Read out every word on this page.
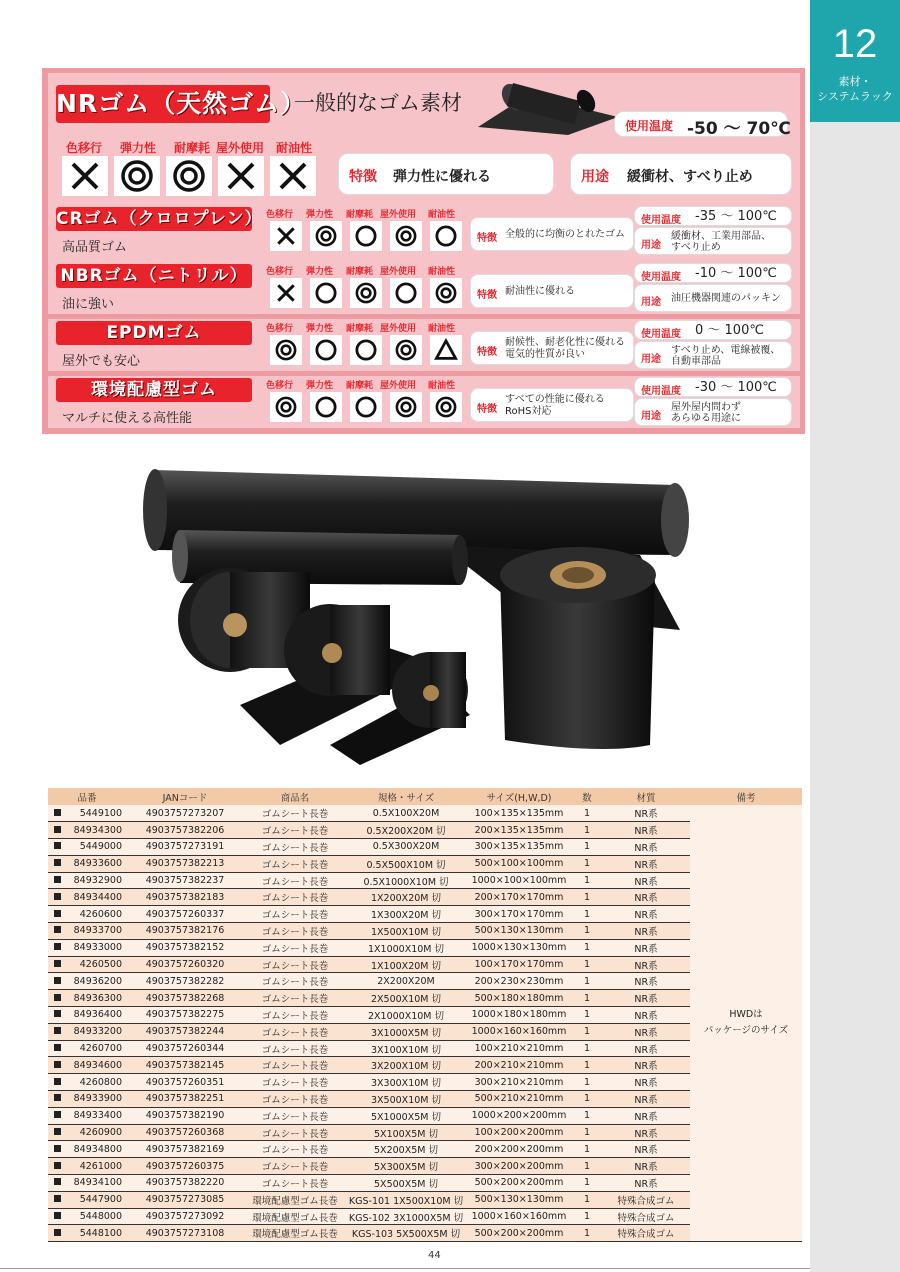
12
素材・
システムラック
NRゴム（天然ゴム）
一般的なゴム素材
使用温度 -50 ～ 70℃
色移行 弾力性 耐摩耗 屋外使用 耐油性
特徴 弾力性に優れる	用途 緩衝材、すべり止め
CRゴム（クロロプレン）
高品質ゴム
色移行 弾力性 耐摩耗 屋外使用 耐油性
特徴 全般的に均衡のとれたゴム
使用温度 -35 ～ 100℃
用途
緩衝材、工業用部品、
すべり止め
NBRゴム（ニトリル）
油に強い
色移行 弾力性 耐摩耗 屋外使用 耐油性
特徴 耐油性に優れる
使用温度 -10 ～ 100℃
用途 油圧機器関連のパッキン
EPDMゴム
屋外でも安心
色移行 弾力性 耐摩耗 屋外使用 耐油性
特徴
耐候性、耐老化性に優れる
電気的性質が良い
使用温度 0 ～ 100℃
用途
すべり止め、電線被覆、
自動車部品
環境配慮型ゴム
マルチに使える高性能
色移行 弾力性 耐摩耗 屋外使用 耐油性
特徴
すべての性能に優れる
RoHS対応
使用温度 -30 ～ 100℃
用途
屋外屋内問わず
あらゆる用途に
品番	JANコード	商品名	規格・サイズ	サイズ(H,W,D)	数	材質	備考

5449100	4903757273207	ゴムシート長巻	0.5X100X20M	100×135×135mm	1	NR系	HWDは
パッケージのサイズ

84934300	4903757382206	ゴムシート長巻	0.5X200X20M 切	200×135×135mm	1	NR系	

5449000	4903757273191	ゴムシート長巻	0.5X300X20M	300×135×135mm	1	NR系	

84933600	4903757382213	ゴムシート長巻	0.5X500X10M 切	500×100×100mm	1	NR系	

84932900	4903757382237	ゴムシート長巻	0.5X1000X10M 切	1000×100×100mm	1	NR系	

84934400	4903757382183	ゴムシート長巻	1X200X20M 切	200×170×170mm	1	NR系	

4260600	4903757260337	ゴムシート長巻	1X300X20M 切	300×170×170mm	1	NR系	

84933700	4903757382176	ゴムシート長巻	1X500X10M 切	500×130×130mm	1	NR系	

84933000	4903757382152	ゴムシート長巻	1X1000X10M 切	1000×130×130mm	1	NR系	

4260500	4903757260320	ゴムシート長巻	1X100X20M 切	100×170×170mm	1	NR系	

84936200	4903757382282	ゴムシート長巻	2X200X20M	200×230×230mm	1	NR系	

84936300	4903757382268	ゴムシート長巻	2X500X10M 切	500×180×180mm	1	NR系	

84936400	4903757382275	ゴムシート長巻	2X1000X10M 切	1000×180×180mm	1	NR系	

84933200	4903757382244	ゴムシート長巻	3X1000X5M 切	1000×160×160mm	1	NR系	

4260700	4903757260344	ゴムシート長巻	3X100X10M 切	100×210×210mm	1	NR系	

84934600	4903757382145	ゴムシート長巻	3X200X10M 切	200×210×210mm	1	NR系	

4260800	4903757260351	ゴムシート長巻	3X300X10M 切	300×210×210mm	1	NR系	

84933900	4903757382251	ゴムシート長巻	3X500X10M 切	500×210×210mm	1	NR系	

84933400	4903757382190	ゴムシート長巻	5X1000X5M 切	1000×200×200mm	1	NR系	

4260900	4903757260368	ゴムシート長巻	5X100X5M 切	100×200×200mm	1	NR系	

84934800	4903757382169	ゴムシート長巻	5X200X5M 切	200×200×200mm	1	NR系	

4261000	4903757260375	ゴムシート長巻	5X300X5M 切	300×200×200mm	1	NR系	

84934100	4903757382220	ゴムシート長巻	5X500X5M 切	500×200×200mm	1	NR系	

5447900	4903757273085	環境配慮型ゴム長巻	KGS-101 1X500X10M 切	500×130×130mm	1	特殊合成ゴム	

5448000	4903757273092	環境配慮型ゴム長巻	KGS-102 3X1000X5M 切	1000×160×160mm	1	特殊合成ゴム	

5448100	4903757273108	環境配慮型ゴム長巻	KGS-103 5X500X5M 切	500×200×200mm	1	特殊合成ゴム	
44
